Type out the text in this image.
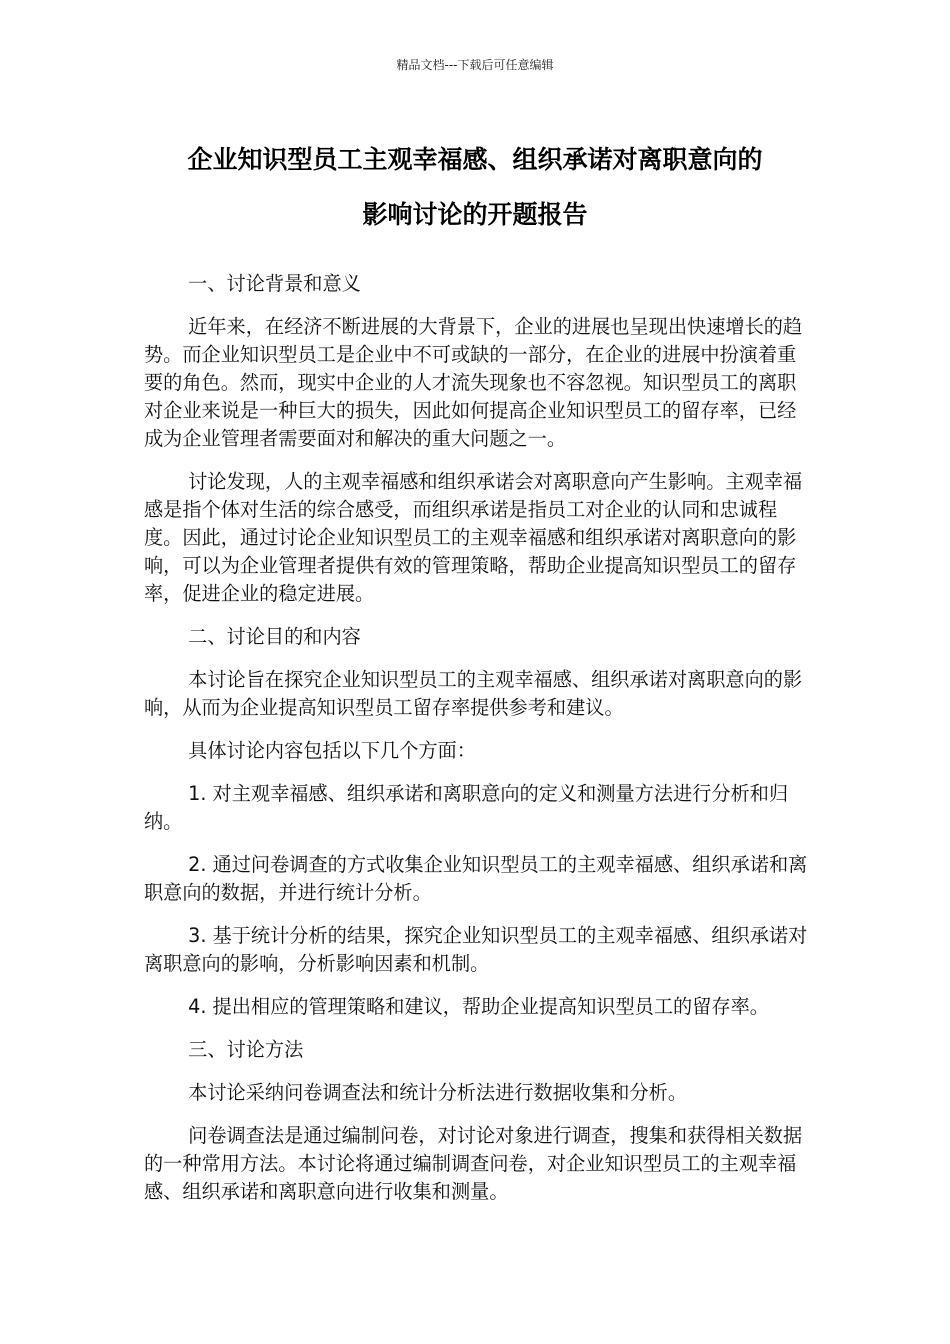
精品文档---下载后可任意编辑
企业知识型员工主观幸福感、组织承诺对离职意向的
影响讨论的开题报告

一、讨论背景和意义

近年来，在经济不断进展的大背景下，企业的进展也呈现出快速增长的趋势。而企业知识型员工是企业中不可或缺的一部分，在企业的进展中扮演着重要的角色。然而，现实中企业的人才流失现象也不容忽视。知识型员工的离职对企业来说是一种巨大的损失，因此如何提高企业知识型员工的留存率，已经成为企业管理者需要面对和解决的重大问题之一。

讨论发现，人的主观幸福感和组织承诺会对离职意向产生影响。主观幸福感是指个体对生活的综合感受，而组织承诺是指员工对企业的认同和忠诚程度。因此，通过讨论企业知识型员工的主观幸福感和组织承诺对离职意向的影响，可以为企业管理者提供有效的管理策略，帮助企业提高知识型员工的留存率，促进企业的稳定进展。

二、讨论目的和内容

本讨论旨在探究企业知识型员工的主观幸福感、组织承诺对离职意向的影响，从而为企业提高知识型员工留存率提供参考和建议。

具体讨论内容包括以下几个方面：

1. 对主观幸福感、组织承诺和离职意向的定义和测量方法进行分析和归纳。

2. 通过问卷调查的方式收集企业知识型员工的主观幸福感、组织承诺和离职意向的数据，并进行统计分析。

3. 基于统计分析的结果，探究企业知识型员工的主观幸福感、组织承诺对离职意向的影响，分析影响因素和机制。

4. 提出相应的管理策略和建议，帮助企业提高知识型员工的留存率。

三、讨论方法

本讨论采纳问卷调查法和统计分析法进行数据收集和分析。

问卷调查法是通过编制问卷，对讨论对象进行调查，搜集和获得相关数据的一种常用方法。本讨论将通过编制调查问卷，对企业知识型员工的主观幸福感、组织承诺和离职意向进行收集和测量。
